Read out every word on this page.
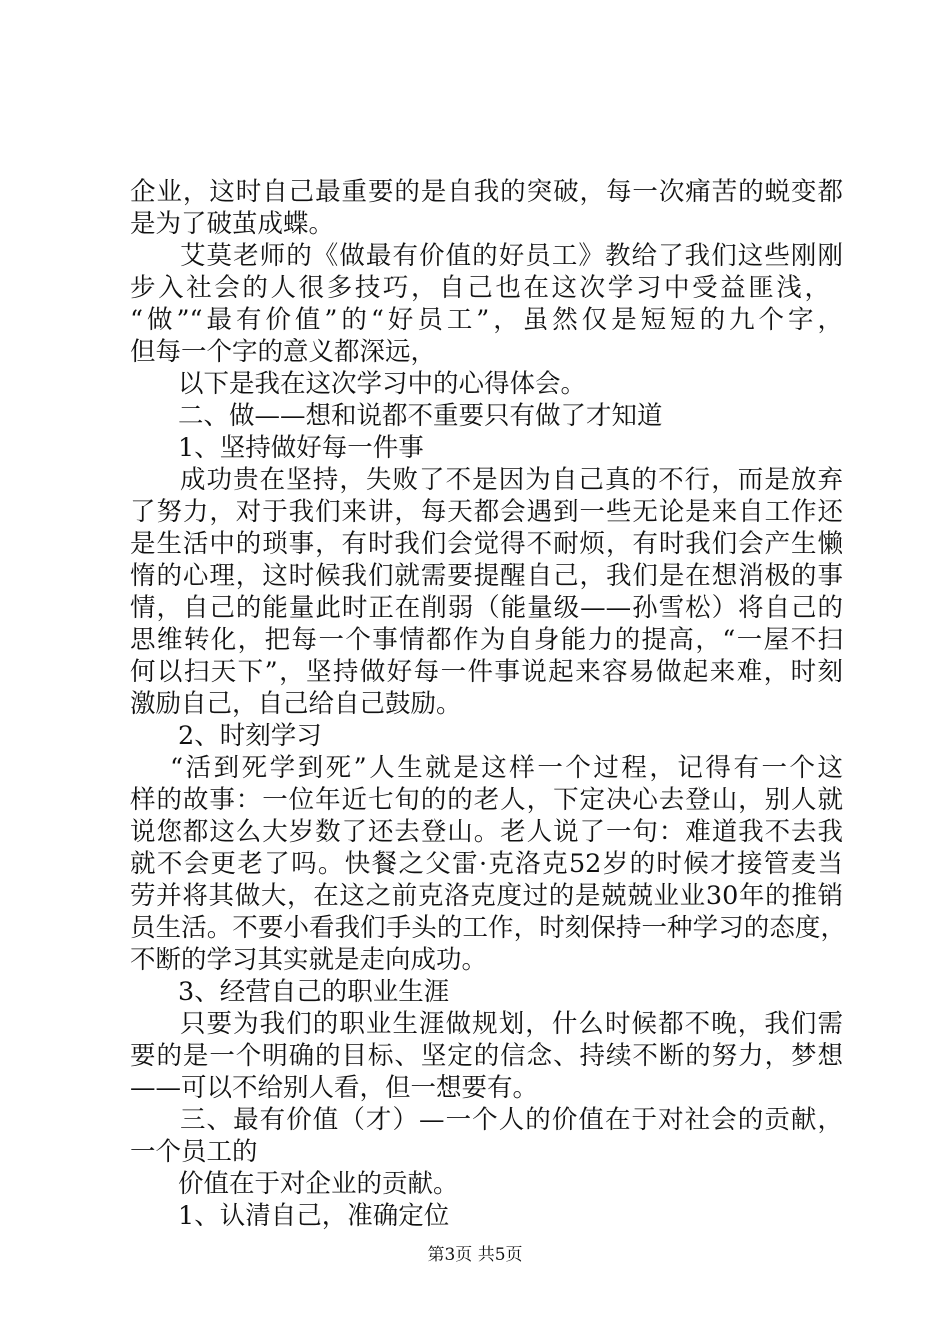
企业，这时自己最重要的是自我的突破，每一次痛苦的蜕变都
是为了破茧成蝶。
艾莫老师的《做最有价值的好员工》教给了我们这些刚刚
步入社会的人很多技巧，自己也在这次学习中受益匪浅，
“做”“最有价值”的“好员工”，虽然仅是短短的九个字，
但每一个字的意义都深远，
以下是我在这次学习中的心得体会。
二、做——想和说都不重要只有做了才知道
1、坚持做好每一件事
成功贵在坚持，失败了不是因为自己真的不行，而是放弃
了努力，对于我们来讲，每天都会遇到一些无论是来自工作还
是生活中的琐事，有时我们会觉得不耐烦，有时我们会产生懒
惰的心理，这时候我们就需要提醒自己，我们是在想消极的事
情，自己的能量此时正在削弱（能量级——孙雪松）将自己的
思维转化，把每一个事情都作为自身能力的提高，“一屋不扫
何以扫天下”，坚持做好每一件事说起来容易做起来难，时刻
激励自己，自己给自己鼓励。
2、时刻学习
“活到死学到死”人生就是这样一个过程，记得有一个这
样的故事：一位年近七旬的的老人，下定决心去登山，别人就
说您都这么大岁数了还去登山。老人说了一句：难道我不去我
就不会更老了吗。快餐之父雷·克洛克52岁的时候才接管麦当
劳并将其做大，在这之前克洛克度过的是兢兢业业30年的推销
员生活。不要小看我们手头的工作，时刻保持一种学习的态度，
不断的学习其实就是走向成功。
3、经营自己的职业生涯
只要为我们的职业生涯做规划，什么时候都不晚，我们需
要的是一个明确的目标、坚定的信念、持续不断的努力，梦想
——可以不给别人看，但一想要有。
三、最有价值（才）—一个人的价值在于对社会的贡献，
一个员工的
价值在于对企业的贡献。
1、认清自己，准确定位
第3页 共5页
